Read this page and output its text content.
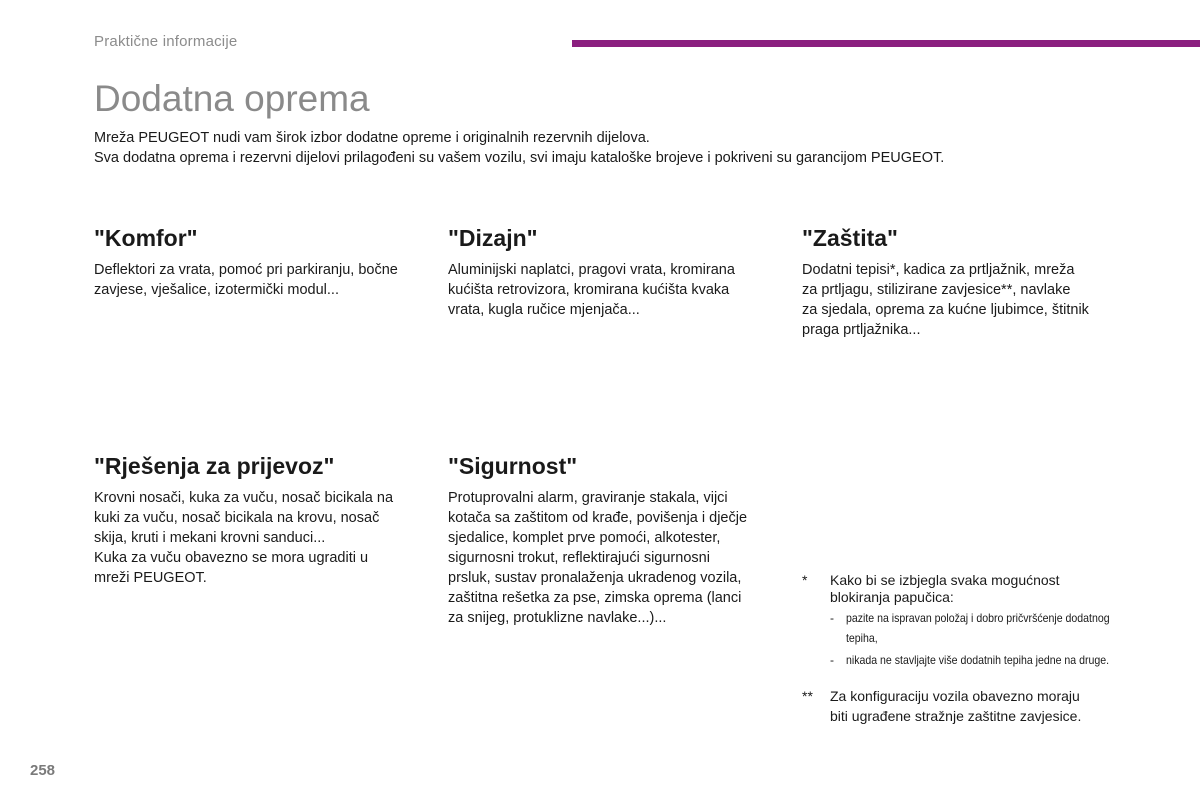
Praktične informacije
Dodatna oprema
Mreža PEUGEOT nudi vam širok izbor dodatne opreme i originalnih rezervnih dijelova.
Sva dodatna oprema i rezervni dijelovi prilagođeni su vašem vozilu, svi imaju kataloške brojeve i pokriveni su garancijom PEUGEOT.
"Komfor"

Deflektori za vrata, pomoć pri parkiranju, bočne
zavjese, vješalice, izotermički modul...

"Dizajn"

Aluminijski naplatci, pragovi vrata, kromirana
kućišta retrovizora, kromirana kućišta kvaka
vrata, kugla ručice mjenjača...

"Zaštita"

Dodatni tepisi*, kadica za prtljažnik, mreža
za prtljagu, stilizirane zavjesice**, navlake
za sjedala, oprema za kućne ljubimce, štitnik
praga prtljažnika...

"Rješenja za prijevoz"

Krovni nosači, kuka za vuču, nosač bicikala na
kuki za vuču, nosač bicikala na krovu, nosač
skija, kruti i mekani krovni sanduci...
Kuka za vuču obavezno se mora ugraditi u
mreži PEUGEOT.

"Sigurnost"

Protuprovalni alarm, graviranje stakala, vijci
kotača sa zaštitom od krađe, povišenja i dječje
sjedalice, komplet prve pomoći, alkotester,
sigurnosni trokut, reflektirajući sigurnosni
prsluk, sustav pronalaženja ukradenog vozila,
zaštitna rešetka za pse, zimska oprema (lanci
za snijeg, protuklizne navlake...)...

*	Kako bi se izbjegla svaka mogućnost
blokiranja papučica:
-	pazite na ispravan položaj i dobro pričvršćenje dodatnog
tepiha,
-	nikada ne stavljajte više dodatnih tepiha jedne na druge.
**	Za konfiguraciju vozila obavezno moraju
biti ugrađene stražnje zaštitne zavjesice.
258
